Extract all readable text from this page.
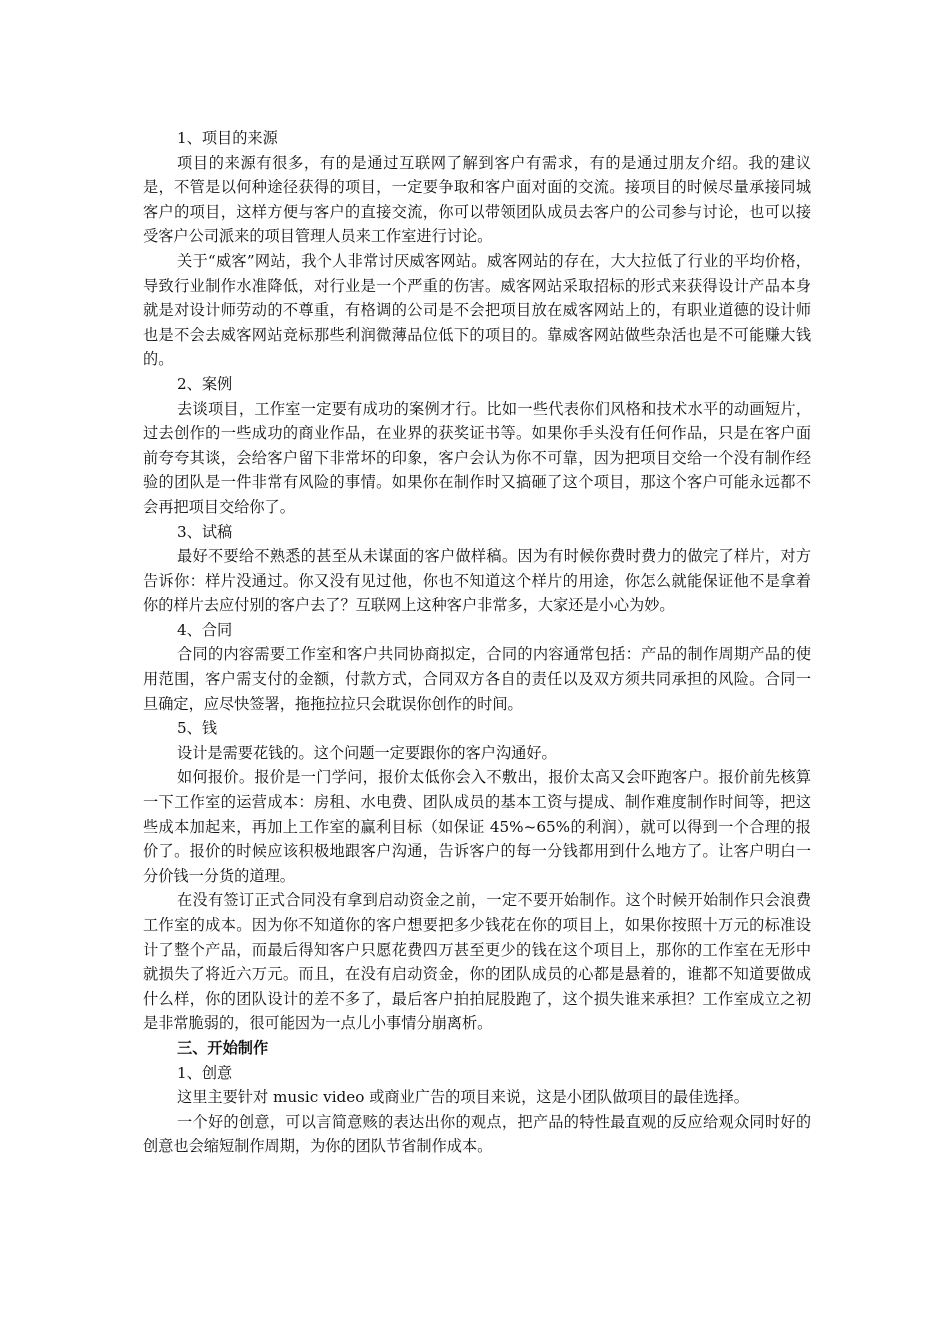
1、项目的来源
项目的来源有很多，有的是通过互联网了解到客户有需求，有的是通过朋友介绍。我的建议是，不管是以何种途径获得的项目，一定要争取和客户面对面的交流。接项目的时候尽量承接同城客户的项目，这样方便与客户的直接交流，你可以带领团队成员去客户的公司参与讨论，也可以接受客户公司派来的项目管理人员来工作室进行讨论。
关于“威客”网站，我个人非常讨厌威客网站。威客网站的存在，大大拉低了行业的平均价格，导致行业制作水准降低，对行业是一个严重的伤害。威客网站采取招标的形式来获得设计产品本身就是对设计师劳动的不尊重，有格调的公司是不会把项目放在威客网站上的，有职业道德的设计师也是不会去威客网站竞标那些利润微薄品位低下的项目的。靠威客网站做些杂活也是不可能赚大钱的。
2、案例
去谈项目，工作室一定要有成功的案例才行。比如一些代表你们风格和技术水平的动画短片，过去创作的一些成功的商业作品，在业界的获奖证书等。如果你手头没有任何作品，只是在客户面前夸夸其谈，会给客户留下非常坏的印象，客户会认为你不可靠，因为把项目交给一个没有制作经验的团队是一件非常有风险的事情。如果你在制作时又搞砸了这个项目，那这个客户可能永远都不会再把项目交给你了。
3、试稿
最好不要给不熟悉的甚至从未谋面的客户做样稿。因为有时候你费时费力的做完了样片，对方告诉你：样片没通过。你又没有见过他，你也不知道这个样片的用途，你怎么就能保证他不是拿着你的样片去应付别的客户去了？互联网上这种客户非常多，大家还是小心为妙。
4、合同
合同的内容需要工作室和客户共同协商拟定，合同的内容通常包括：产品的制作周期产品的使用范围，客户需支付的金额，付款方式，合同双方各自的责任以及双方须共同承担的风险。合同一旦确定，应尽快签署，拖拖拉拉只会耽误你创作的时间。
5、钱
设计是需要花钱的。这个问题一定要跟你的客户沟通好。
如何报价。报价是一门学问，报价太低你会入不敷出，报价太高又会吓跑客户。报价前先核算一下工作室的运营成本：房租、水电费、团队成员的基本工资与提成、制作难度制作时间等，把这些成本加起来，再加上工作室的赢利目标（如保证 45%~65%的利润），就可以得到一个合理的报价了。报价的时候应该积极地跟客户沟通，告诉客户的每一分钱都用到什么地方了。让客户明白一分价钱一分货的道理。
在没有签订正式合同没有拿到启动资金之前，一定不要开始制作。这个时候开始制作只会浪费工作室的成本。因为你不知道你的客户想要把多少钱花在你的项目上，如果你按照十万元的标准设计了整个产品，而最后得知客户只愿花费四万甚至更少的钱在这个项目上，那你的工作室在无形中就损失了将近六万元。而且，在没有启动资金，你的团队成员的心都是悬着的，谁都不知道要做成什么样，你的团队设计的差不多了，最后客户拍拍屁股跑了，这个损失谁来承担？工作室成立之初是非常脆弱的，很可能因为一点儿小事情分崩离析。
三、开始制作
1、创意
这里主要针对 music video 或商业广告的项目来说，这是小团队做项目的最佳选择。
一个好的创意，可以言简意赅的表达出你的观点，把产品的特性最直观的反应给观众同时好的创意也会缩短制作周期，为你的团队节省制作成本。
